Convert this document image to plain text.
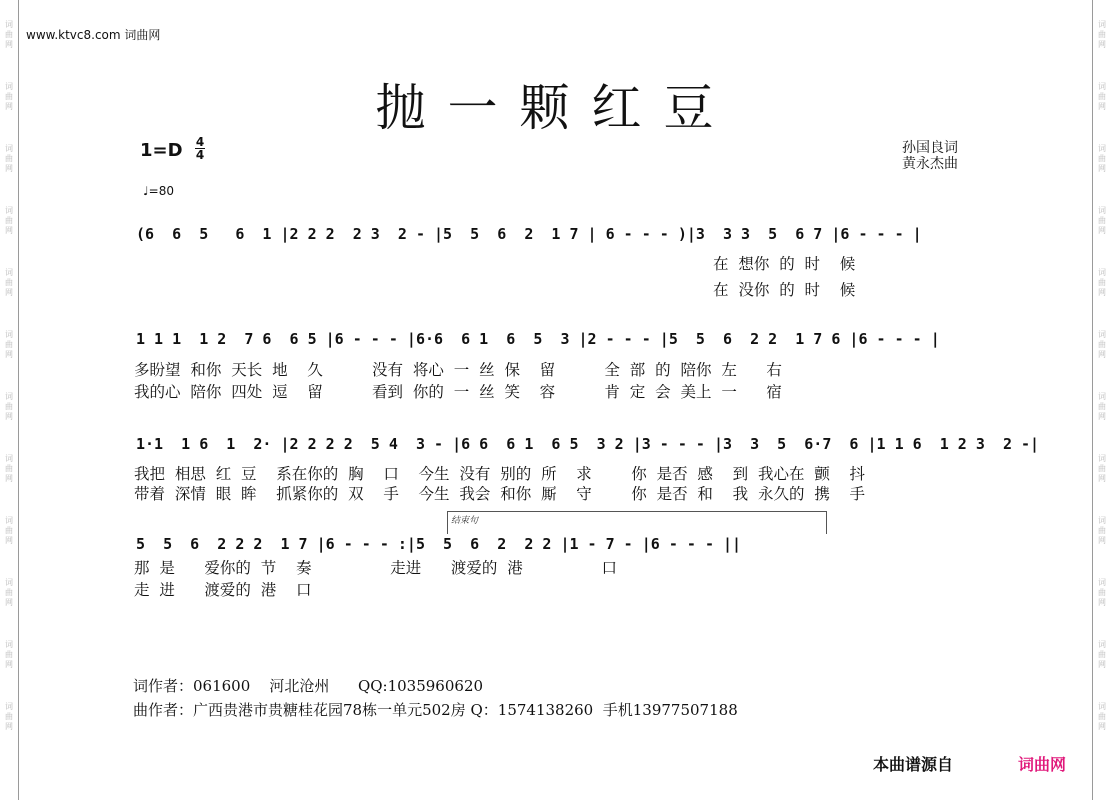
词
曲
网
词
曲
网
词
曲
网
词
曲
网
词
曲
网
词
曲
网
词
曲
网
词
曲
网
词
曲
网
词
曲
网
词
曲
网
词
曲
网
词
曲
网
词
曲
网
词
曲
网
词
曲
网
词
曲
网
词
曲
网
词
曲
网
词
曲
网
词
曲
网
词
曲
网
词
曲
网
词
曲
网
www.ktvc8.com 词曲网
抛一颗红豆
1=D 4
4
♩=80
孙国良词
黄永杰曲
(6  6  5   6  1 |2 2 2  2 3  2 - |5  5  6  2  1 7 | 6 - - - )|3  3 3  5  6 7 |6 - - - |
在  想你  的  时    候
在  没你  的  时    候
1 1 1  1 2  7 6  6 5 |6 - - - |6·6  6 1  6  5  3 |2 - - - |5  5  6  2 2  1 7 6 |6 - - - |
多盼望  和你  天长  地    久          没有  将心  一  丝  保    留          全  部  的  陪你  左      右
我的心  陪你  四处  逗    留          看到  你的  一  丝  笑    容          肯  定  会  美上  一      宿
1·1  1 6  1  2· |2 2 2 2  5 4  3 - |6 6  6 1  6 5  3 2 |3 - - - |3  3  5  6·7  6 |1 1 6  1 2 3  2 -|
我把  相思  红  豆    系在你的  胸    口    今生  没有  别的  所    求        你  是否  感    到  我心在  颤    抖
带着  深情  眼  眸    抓紧你的  双    手    今生  我会  和你  厮    守        你  是否  和    我  永久的  携    手
结束句
5  5  6  2 2 2  1 7 |6 - - - :|5  5  6  2  2 2 |1 - 7 - |6 - - - ||
那  是      爱你的  节    奏                走进      渡爱的  港                口
走  进      渡爱的  港    口
词作者：061600    河北沧州      QQ:1035960620
曲作者：广西贵港市贵糖桂花园78栋一单元502房 Q：1574138260  手机13977507188
本曲谱源自	词曲网
